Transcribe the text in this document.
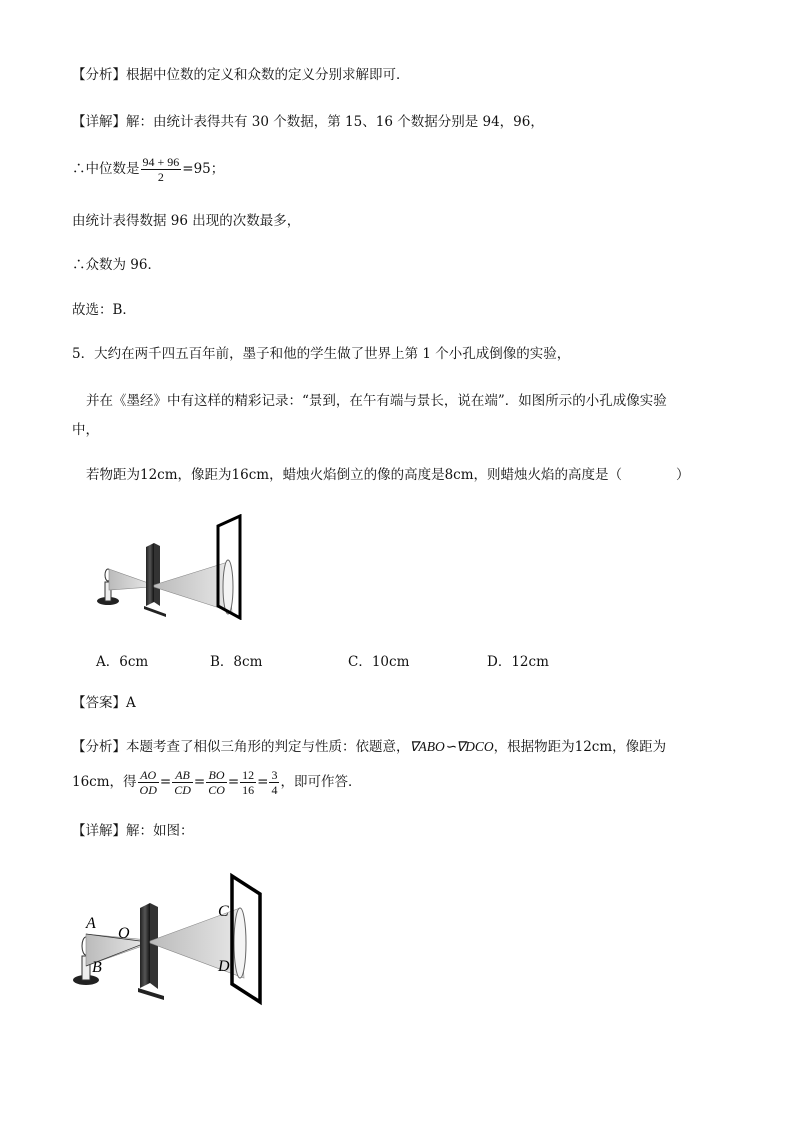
【分析】根据中位数的定义和众数的定义分别求解即可．
【详解】解：由统计表得共有 30 个数据，第 15、16 个数据分别是 94，96，
∴中位数是 $\frac{94 + 96}{2} =95$；
由统计表得数据 96 出现的次数最多，
∴众数为 96．
故选：B．
5．大约在两千四五百年前，墨子和他的学生做了世界上第 1 个小孔成倒像的实验，
并在《墨经》中有这样的精彩记录：“景到，在午有端与景长，说在端”．如图所示的小孔成像实验
中，
若物距为12cm，像距为16cm，蜡烛火焰倒立的像的高度是8cm，则蜡烛火焰的高度是（　　　　）
A．6cm	B．8cm	C．10cm	D．12cm
【答案】A
【分析】本题考查了相似三角形的判定与性质：依题意，∇ABO∽∇DCO，根据物距为12cm，像距为
16cm，得 $\frac{AO}{OD} = \frac{AB}{CD} = \frac{BO}{CO} = \frac{12}{16} = \frac{3}{4}$ ，即可作答．
【详解】解：如图：
A
B
O
C
D
